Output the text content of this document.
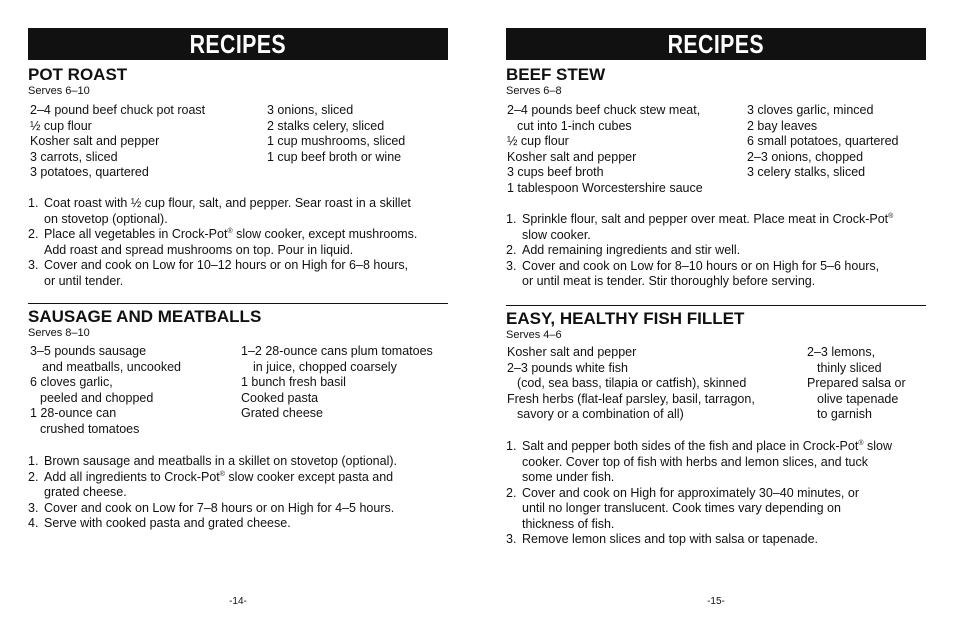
RECIPES
POT ROAST
Serves 6–10
2–4 pound beef chuck pot roast
½ cup flour
Kosher salt and pepper
3 carrots, sliced
3 potatoes, quartered
3 onions, sliced
2 stalks celery, sliced
1 cup mushrooms, sliced
1 cup beef broth or wine
1. Coat roast with ½ cup flour, salt, and pepper. Sear roast in a skillet
on stovetop (optional).
2. Place all vegetables in Crock-Pot® slow cooker, except mushrooms.
Add roast and spread mushrooms on top. Pour in liquid.
3. Cover and cook on Low for 10–12 hours or on High for 6–8 hours,
or until tender.
SAUSAGE AND MEATBALLS
Serves 8–10
3–5 pounds sausage
and meatballs, uncooked
6 cloves garlic,
peeled and chopped
1 28-ounce can
crushed tomatoes
1–2 28-ounce cans plum tomatoes
in juice, chopped coarsely
1 bunch fresh basil
Cooked pasta
Grated cheese
1. Brown sausage and meatballs in a skillet on stovetop (optional).
2. Add all ingredients to Crock-Pot® slow cooker except pasta and
grated cheese.
3. Cover and cook on Low for 7–8 hours or on High for 4–5 hours.
4. Serve with cooked pasta and grated cheese.
-14-
RECIPES
BEEF STEW
Serves 6–8
2–4 pounds beef chuck stew meat,
cut into 1-inch cubes
½ cup flour
Kosher salt and pepper
3 cups beef broth
1 tablespoon Worcestershire sauce
3 cloves garlic, minced
2 bay leaves
6 small potatoes, quartered
2–3 onions, chopped
3 celery stalks, sliced
1. Sprinkle flour, salt and pepper over meat. Place meat in Crock-Pot®
slow cooker.
2. Add remaining ingredients and stir well.
3. Cover and cook on Low for 8–10 hours or on High for 5–6 hours,
or until meat is tender. Stir thoroughly before serving.
EASY, HEALTHY FISH FILLET
Serves 4–6
Kosher salt and pepper
2–3 pounds white fish
(cod, sea bass, tilapia or catfish), skinned
Fresh herbs (flat-leaf parsley, basil, tarragon,
savory or a combination of all)
2–3 lemons,
thinly sliced
Prepared salsa or
olive tapenade
to garnish
1. Salt and pepper both sides of the fish and place in Crock-Pot® slow
cooker. Cover top of fish with herbs and lemon slices, and tuck
some under fish.
2. Cover and cook on High for approximately 30–40 minutes, or
until no longer translucent. Cook times vary depending on
thickness of fish.
3. Remove lemon slices and top with salsa or tapenade.
-15-
